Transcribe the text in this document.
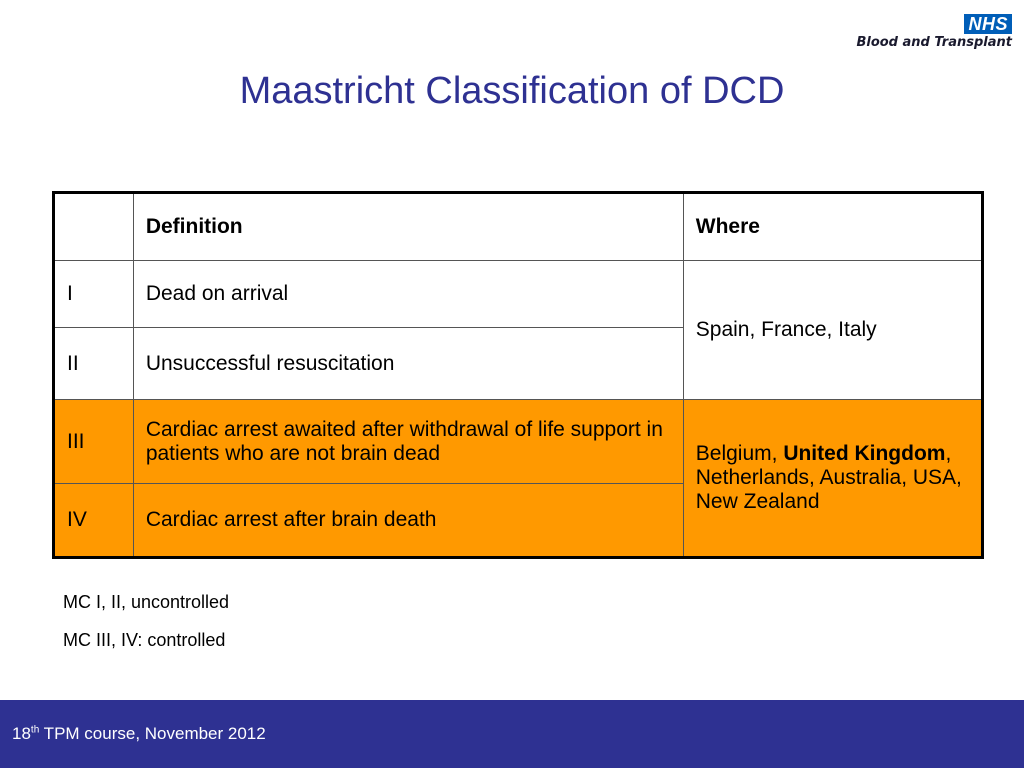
NHS
Blood and Transplant
Maastricht Classification of DCD
	Definition	Where
I	Dead on arrival	Spain, France, Italy
II	Unsuccessful resuscitation	
III	Cardiac arrest awaited after withdrawal of life support in patients who are not brain dead	Belgium, United Kingdom, Netherlands, Australia, USA, New Zealand
IV	Cardiac arrest after brain death	
MC I, II, uncontrolled
MC III, IV: controlled
18th TPM course, November 2012
